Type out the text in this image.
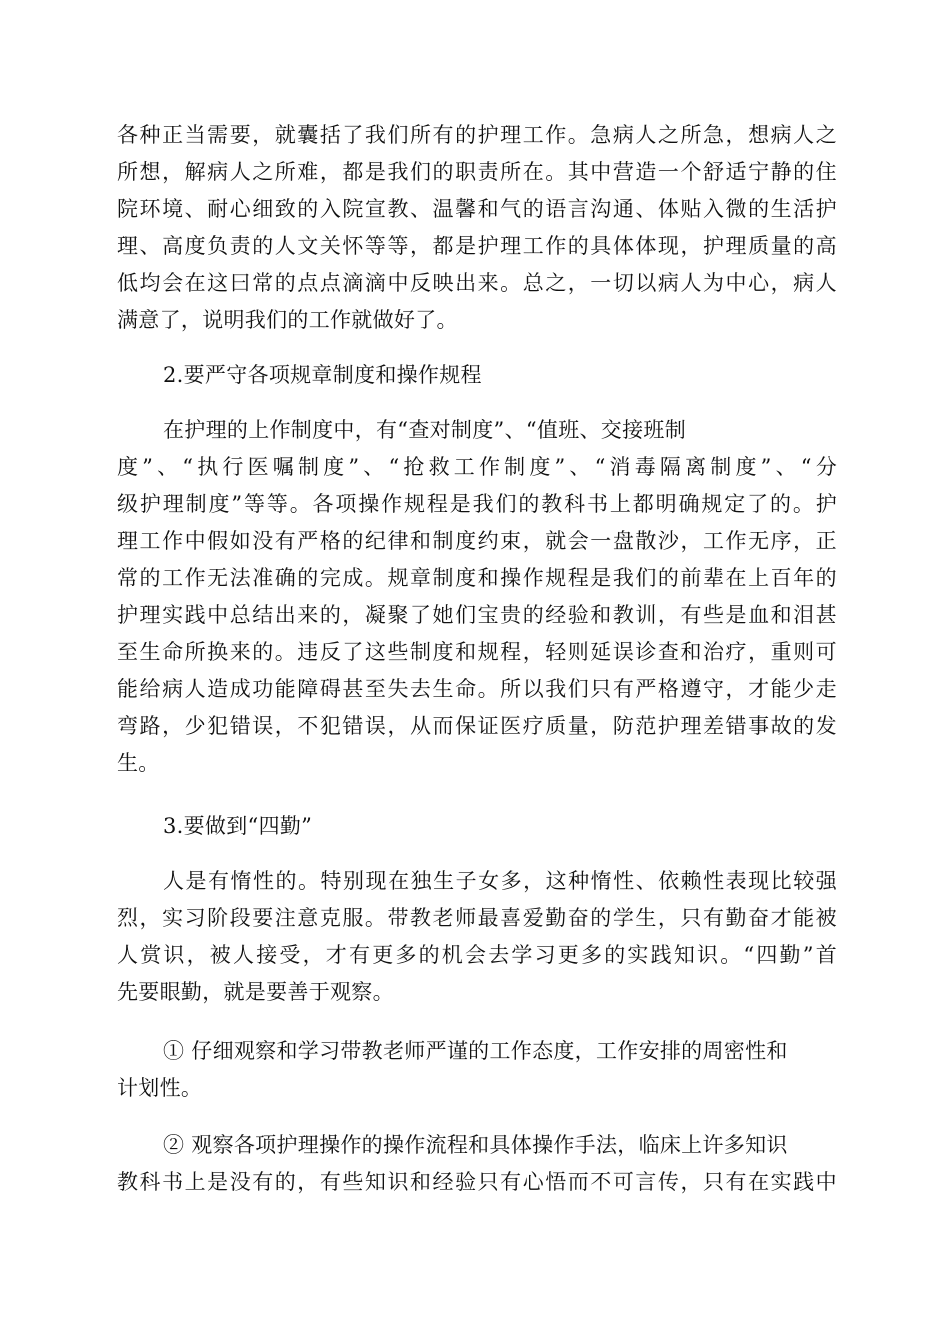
各种正当需要，就囊括了我们所有的护理工作。急病人之所急，想病人之
所想，解病人之所难，都是我们的职责所在。其中营造一个舒适宁静的住
院环境、耐心细致的入院宣教、温馨和气的语言沟通、体贴入微的生活护
理、高度负责的人文关怀等等，都是护理工作的具体体现，护理质量的高
低均会在这曰常的点点滴滴中反映出来。总之，一切以病人为中心，病人
满意了，说明我们的工作就做好了。
2.要严守各项规章制度和操作规程
在护理的上作制度中，有“查对制度”、“值班、交接班制
度”、“执行医嘱制度”、“抢救工作制度”、“消毒隔离制度”、“分
级护理制度”等等。各项操作规程是我们的教科书上都明确规定了的。护
理工作中假如没有严格的纪律和制度约束，就会一盘散沙，工作无序，正
常的工作无法准确的完成。规章制度和操作规程是我们的前辈在上百年的
护理实践中总结出来的，凝聚了她们宝贵的经验和教训，有些是血和泪甚
至生命所换来的。违反了这些制度和规程，轻则延误诊查和治疗，重则可
能给病人造成功能障碍甚至失去生命。所以我们只有严格遵守，才能少走
弯路，少犯错误，不犯错误，从而保证医疗质量，防范护理差错事故的发
生。
3.要做到“四勤”
人是有惰性的。特别现在独生子女多，这种惰性、依赖性表现比较强
烈，实习阶段要注意克服。带教老师最喜爱勤奋的学生，只有勤奋才能被
人赏识，被人接受，才有更多的机会去学习更多的实践知识。“四勤”首
先要眼勤，就是要善于观察。
① 仔细观察和学习带教老师严谨的工作态度，工作安排的周密性和
计划性。
② 观察各项护理操作的操作流程和具体操作手法，临床上许多知识
教科书上是没有的，有些知识和经验只有心悟而不可言传，只有在实践中
